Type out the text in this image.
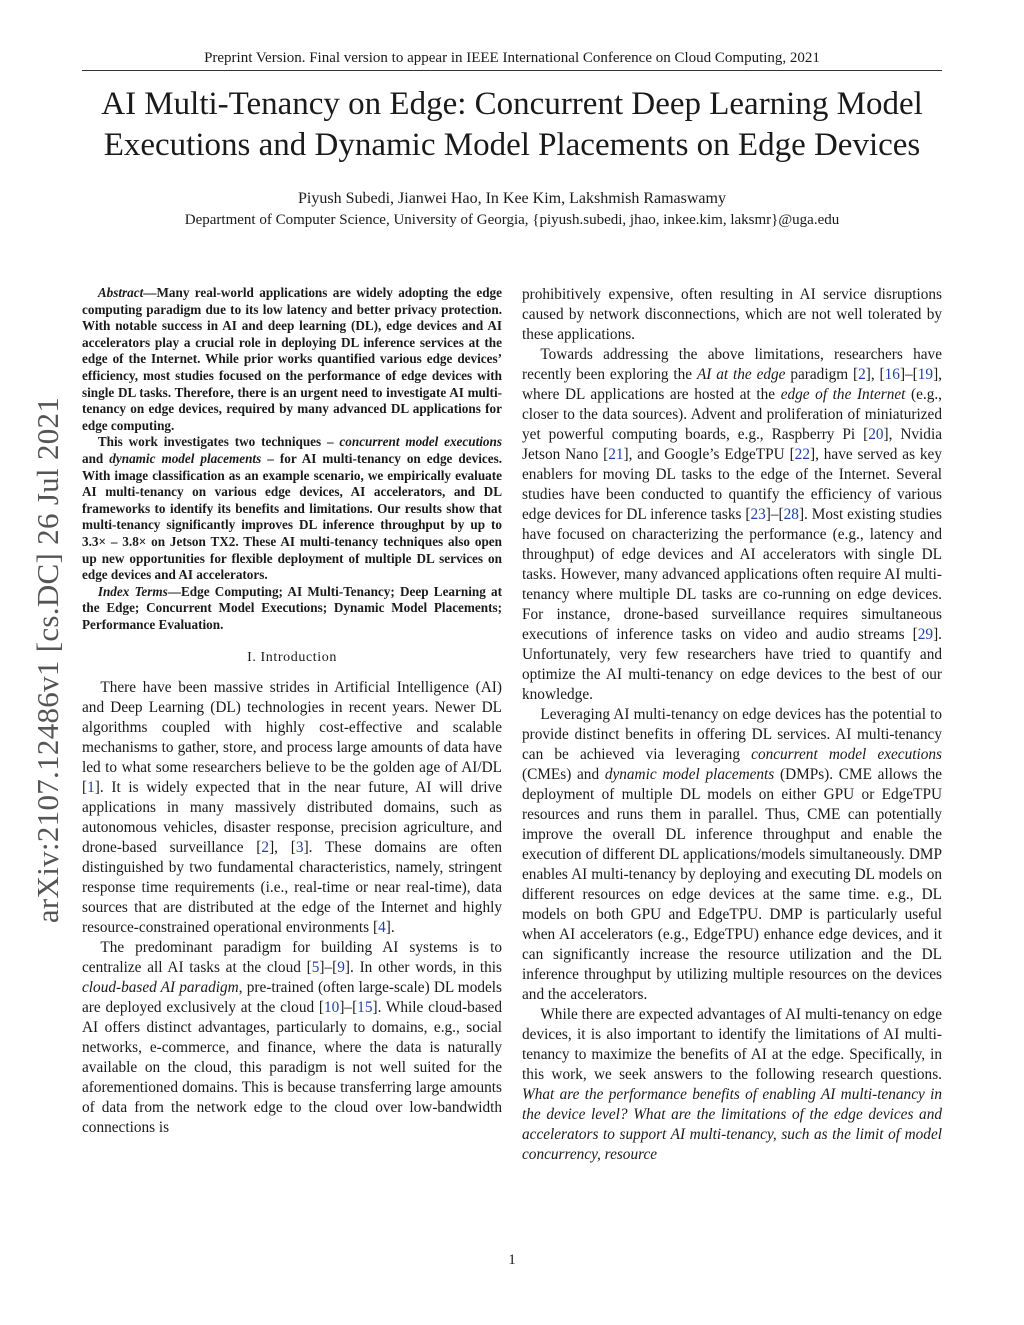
Preprint Version. Final version to appear in IEEE International Conference on Cloud Computing, 2021
AI Multi-Tenancy on Edge: Concurrent Deep Learning Model
Executions and Dynamic Model Placements on Edge Devices
Piyush Subedi, Jianwei Hao, In Kee Kim, Lakshmish Ramaswamy
Department of Computer Science, University of Georgia, {piyush.subedi, jhao, inkee.kim, laksmr}@uga.edu
arXiv:2107.12486v1 [cs.DC] 26 Jul 2021

Abstract—Many real-world applications are widely adopting the edge computing paradigm due to its low latency and better privacy protection. With notable success in AI and deep learning (DL), edge devices and AI accelerators play a crucial role in deploying DL inference services at the edge of the Internet. While prior works quantified various edge devices’ efficiency, most studies focused on the performance of edge devices with single DL tasks. Therefore, there is an urgent need to investigate AI multi-tenancy on edge devices, required by many advanced DL applications for edge computing.

This work investigates two techniques – concurrent model executions and dynamic model placements – for AI multi-tenancy on edge devices. With image classification as an example scenario, we empirically evaluate AI multi-tenancy on various edge devices, AI accelerators, and DL frameworks to identify its benefits and limitations. Our results show that multi-tenancy significantly improves DL inference throughput by up to 3.3× – 3.8× on Jetson TX2. These AI multi-tenancy techniques also open up new opportunities for flexible deployment of multiple DL services on edge devices and AI accelerators.

Index Terms—Edge Computing; AI Multi-Tenancy; Deep Learning at the Edge; Concurrent Model Executions; Dynamic Model Placements; Performance Evaluation.

I. Introduction

There have been massive strides in Artificial Intelligence (AI) and Deep Learning (DL) technologies in recent years. Newer DL algorithms coupled with highly cost-effective and scalable mechanisms to gather, store, and process large amounts of data have led to what some researchers believe to be the golden age of AI/DL [1]. It is widely expected that in the near future, AI will drive applications in many massively distributed domains, such as autonomous vehicles, disaster response, precision agriculture, and drone-based surveillance [2], [3]. These domains are often distinguished by two fundamental characteristics, namely, stringent response time requirements (i.e., real-time or near real-time), data sources that are distributed at the edge of the Internet and highly resource-constrained operational environments [4].

The predominant paradigm for building AI systems is to centralize all AI tasks at the cloud [5]–[9]. In other words, in this cloud-based AI paradigm, pre-trained (often large-scale) DL models are deployed exclusively at the cloud [10]–[15]. While cloud-based AI offers distinct advantages, particularly to domains, e.g., social networks, e-commerce, and finance, where the data is naturally available on the cloud, this paradigm is not well suited for the aforementioned domains. This is because transferring large amounts of data from the network edge to the cloud over low-bandwidth connections is

prohibitively expensive, often resulting in AI service disruptions caused by network disconnections, which are not well tolerated by these applications.

Towards addressing the above limitations, researchers have recently been exploring the AI at the edge paradigm [2], [16]–[19], where DL applications are hosted at the edge of the Internet (e.g., closer to the data sources). Advent and proliferation of miniaturized yet powerful computing boards, e.g., Raspberry Pi [20], Nvidia Jetson Nano [21], and Google’s EdgeTPU [22], have served as key enablers for moving DL tasks to the edge of the Internet. Several studies have been conducted to quantify the efficiency of various edge devices for DL inference tasks [23]–[28]. Most existing studies have focused on characterizing the performance (e.g., latency and throughput) of edge devices and AI accelerators with single DL tasks. However, many advanced applications often require AI multi-tenancy where multiple DL tasks are co-running on edge devices. For instance, drone-based surveillance requires simultaneous executions of inference tasks on video and audio streams [29]. Unfortunately, very few researchers have tried to quantify and optimize the AI multi-tenancy on edge devices to the best of our knowledge.

Leveraging AI multi-tenancy on edge devices has the potential to provide distinct benefits in offering DL services. AI multi-tenancy can be achieved via leveraging concurrent model executions (CMEs) and dynamic model placements (DMPs). CME allows the deployment of multiple DL models on either GPU or EdgeTPU resources and runs them in parallel. Thus, CME can potentially improve the overall DL inference throughput and enable the execution of different DL applications/models simultaneously. DMP enables AI multi-tenancy by deploying and executing DL models on different resources on edge devices at the same time. e.g., DL models on both GPU and EdgeTPU. DMP is particularly useful when AI accelerators (e.g., EdgeTPU) enhance edge devices, and it can significantly increase the resource utilization and the DL inference throughput by utilizing multiple resources on the devices and the accelerators.

While there are expected advantages of AI multi-tenancy on edge devices, it is also important to identify the limitations of AI multi-tenancy to maximize the benefits of AI at the edge. Specifically, in this work, we seek answers to the following research questions. What are the performance benefits of enabling AI multi-tenancy in the device level? What are the limitations of the edge devices and accelerators to support AI multi-tenancy, such as the limit of model concurrency, resource

1
